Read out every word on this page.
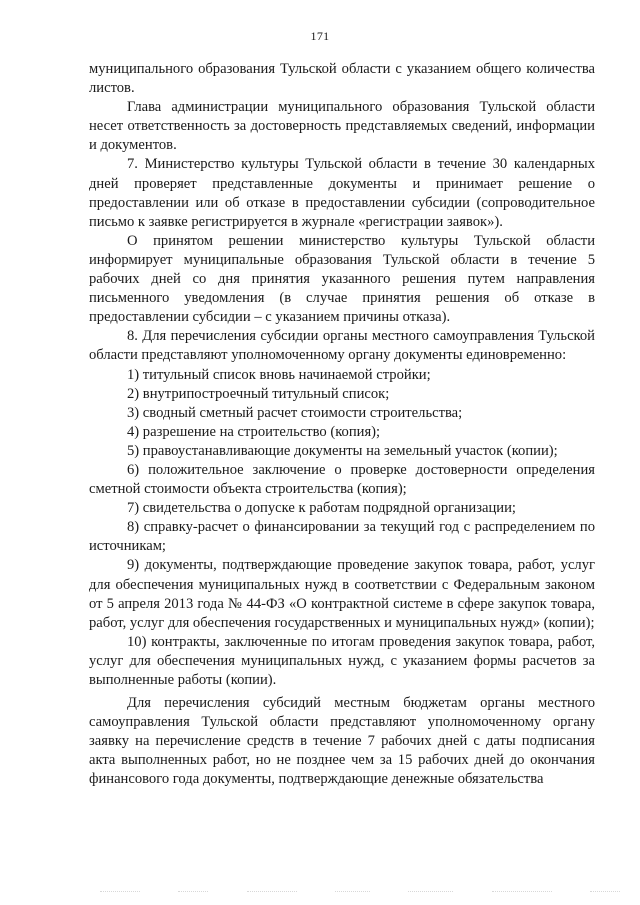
171

муниципального образования Тульской области с указанием общего количества листов.

Глава администрации муниципального образования Тульской области несет ответственность за достоверность представляемых сведений, информации и документов.

7. Министерство культуры Тульской области в течение 30 календарных дней проверяет представленные документы и принимает решение о предоставлении или об отказе в предоставлении субсидии (сопроводительное письмо к заявке регистрируется в журнале «регистрации заявок»).

О принятом решении министерство культуры Тульской области информирует муниципальные образования Тульской области в течение 5 рабочих дней со дня принятия указанного решения путем направления письменного уведомления (в случае принятия решения об отказе в предоставлении субсидии – с указанием причины отказа).

8. Для перечисления субсидии органы местного самоуправления Тульской области представляют уполномоченному органу документы единовременно:

1) титульный список вновь начинаемой стройки;

2) внутрипостроечный титульный список;

3) сводный сметный расчет стоимости строительства;

4) разрешение на строительство (копия);

5) правоустанавливающие документы на земельный участок (копии);

6) положительное заключение о проверке достоверности определения сметной стоимости объекта строительства (копия);

7) свидетельства о допуске к работам подрядной организации;

8) справку-расчет о финансировании за текущий год с распределением по источникам;

9) документы, подтверждающие проведение закупок товара, работ, услуг для обеспечения муниципальных нужд в соответствии с Федеральным законом от 5 апреля 2013 года № 44-ФЗ «О контрактной системе в сфере закупок товара, работ, услуг для обеспечения государственных и муниципальных нужд» (копии);

10) контракты, заключенные по итогам проведения закупок товара, работ, услуг для обеспечения муниципальных нужд, с указанием формы расчетов за выполненные работы (копии).

Для перечисления субсидий местным бюджетам органы местного самоуправления Тульской области представляют уполномоченному органу заявку на перечисление средств в течение 7 рабочих дней с даты подписания акта выполненных работ, но не позднее чем за 15 рабочих дней до окончания финансового года документы, подтверждающие денежные обязательства
